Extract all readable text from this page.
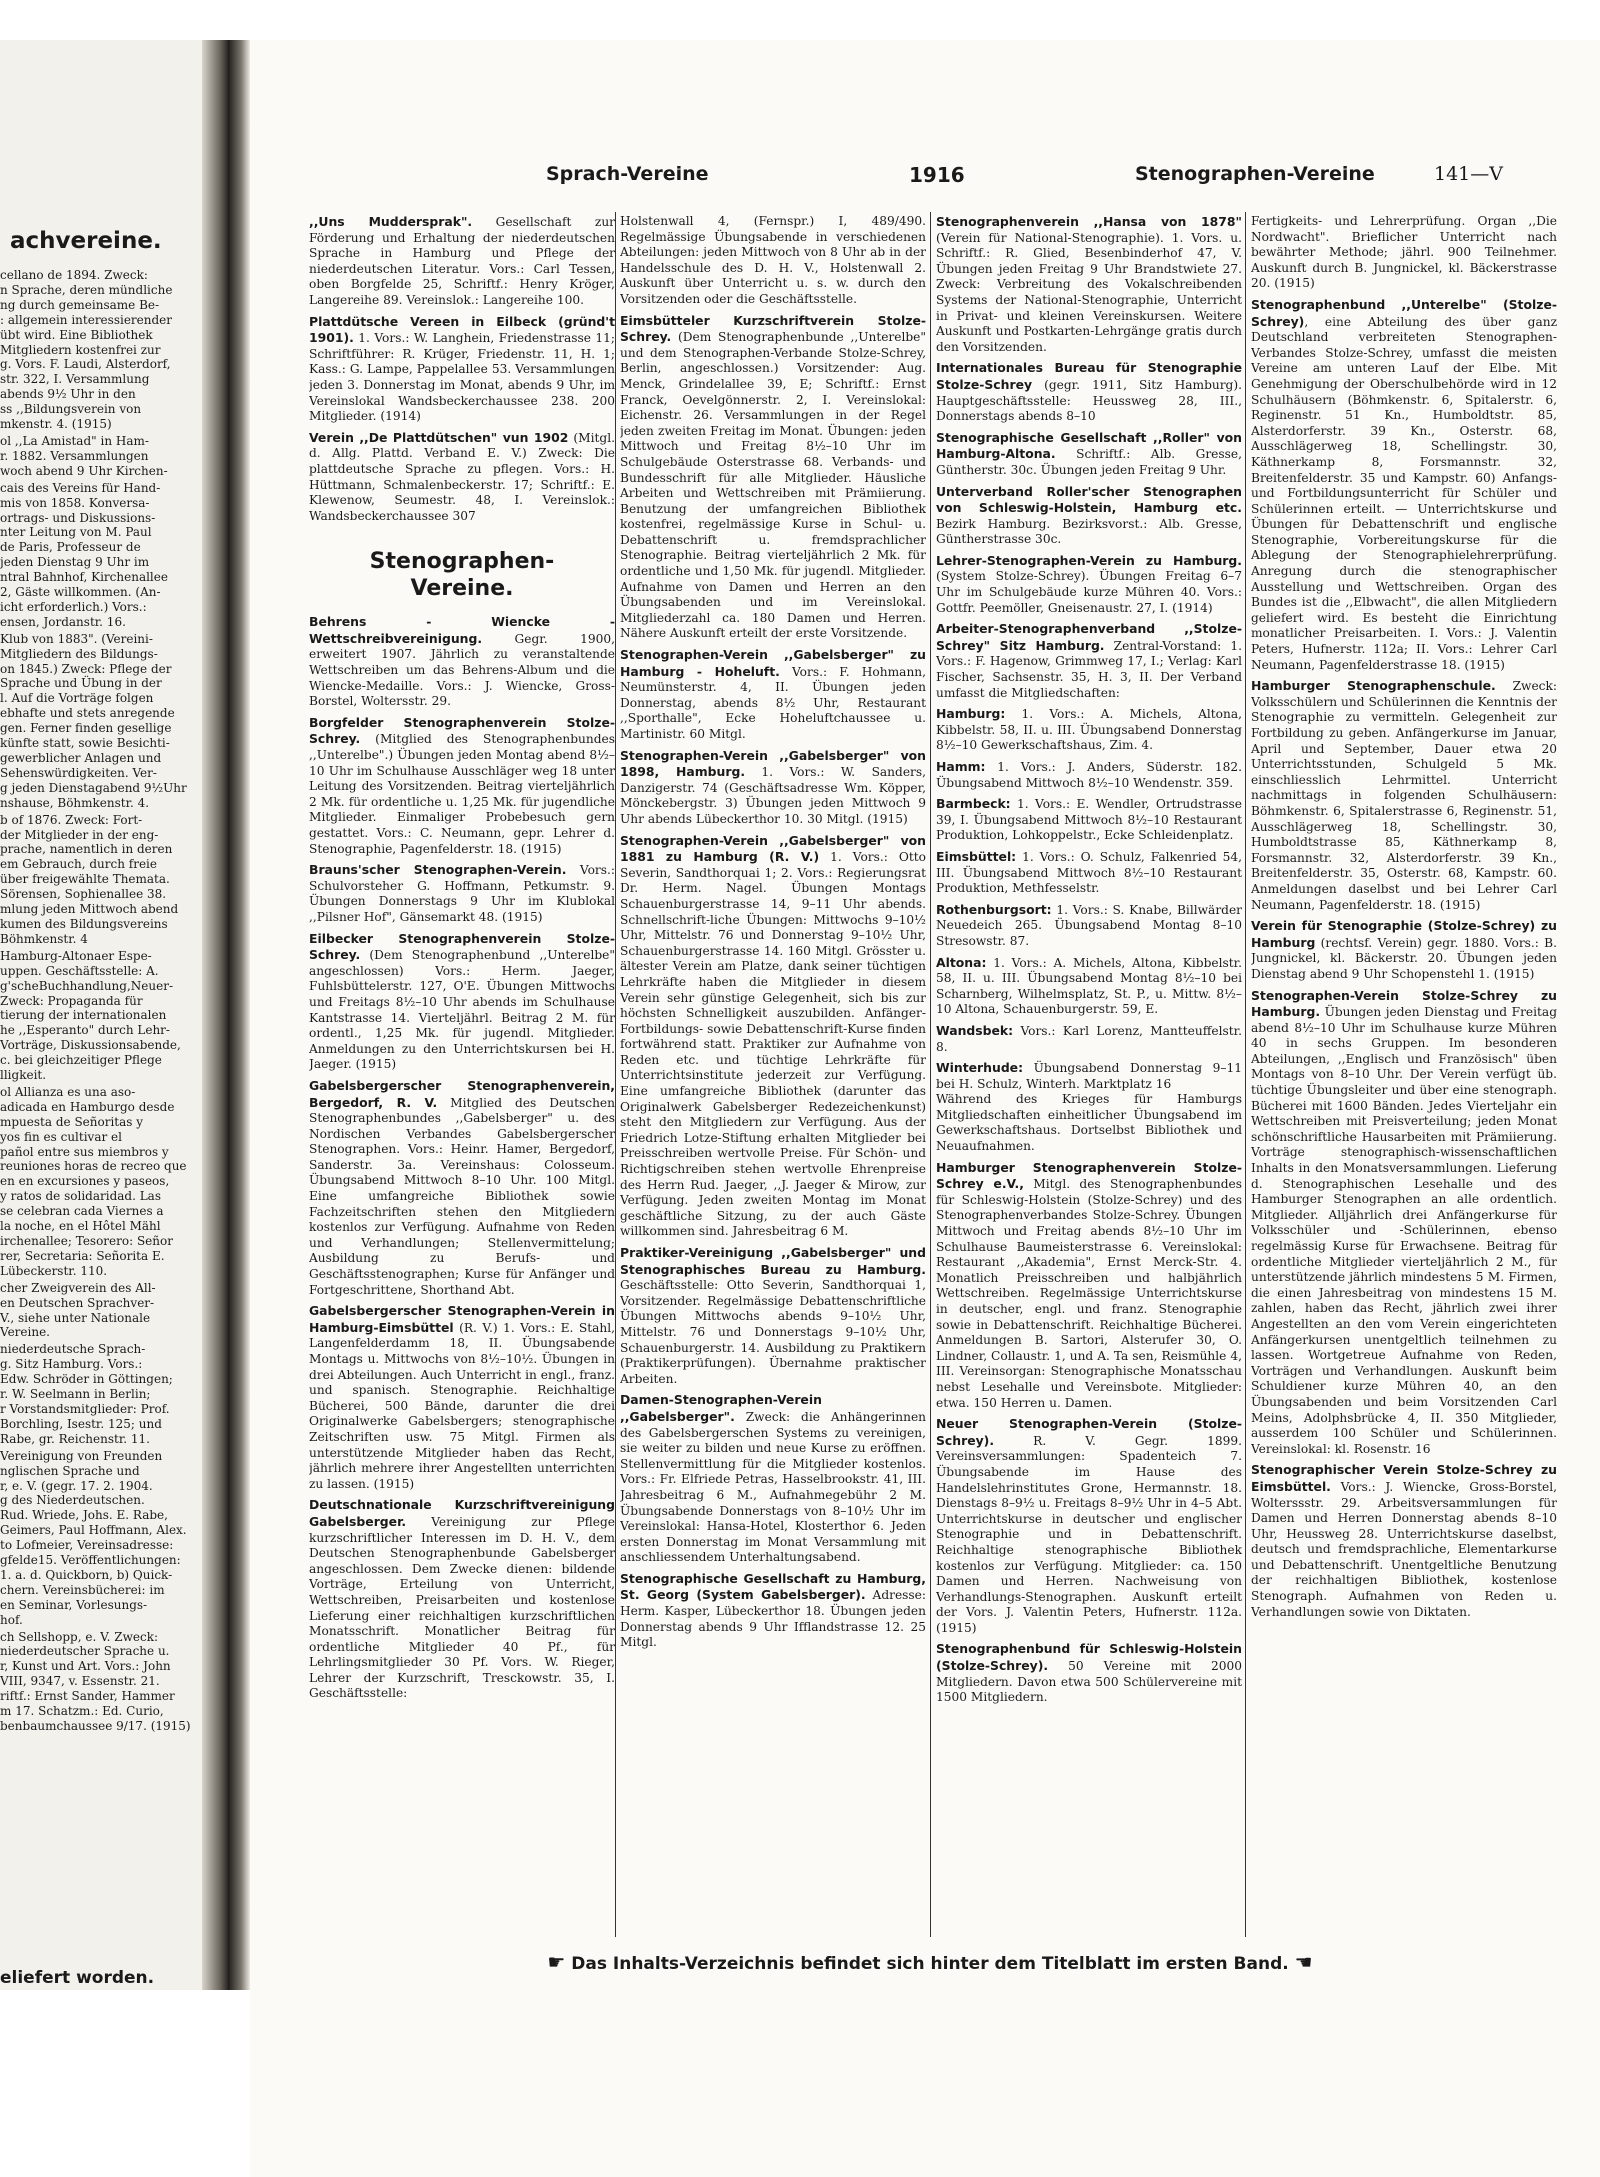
achvereine.
cellano de 1894. Zweck:
n Sprache, deren mündliche
ng durch gemeinsame Be-
: allgemein interessierender
übt wird. Eine Bibliothek
Mitgliedern kostenfrei zur
g. Vors. F. Laudi, Alsterdorf,
str. 322, I. Versammlung
abends 9½ Uhr in den
ss ,,Bildungsverein von
mkenstr. 4. (1915)
ol ,,La Amistad" in Ham-
r. 1882. Versammlungen
woch abend 9 Uhr Kirchen-
cais des Vereins für Hand-
mis von 1858. Konversa-
ortrags- und Diskussions-
nter Leitung von M. Paul
de Paris, Professeur de
jeden Dienstag 9 Uhr im
ntral Bahnhof, Kirchenallee
2, Gäste willkommen. (An-
icht erforderlich.) Vors.:
ensen, Jordanstr. 16.
Klub von 1883". (Vereini-
Mitgliedern des Bildungs-
on 1845.) Zweck: Pflege der
Sprache und Übung in der
l. Auf die Vorträge folgen
ebhafte und stets anregende
gen. Ferner finden gesellige
künfte statt, sowie Besichti-
gewerblicher Anlagen und
Sehenswürdigkeiten. Ver-
g jeden Dienstagabend 9½Uhr
nshause, Böhmkenstr. 4.
b of 1876. Zweck: Fort-
der Mitglieder in der eng-
prache, namentlich in deren
em Gebrauch, durch freie
über freigewählte Themata.
Sörensen, Sophienallee 38.
mlung jeden Mittwoch abend
kumen des Bildungsvereins
Böhmkenstr. 4
Hamburg-Altonaer Espe-
uppen. Geschäftsstelle: A.
g'scheBuchhandlung,Neuer-
Zweck: Propaganda für
tierung der internationalen
he ,,Esperanto" durch Lehr-
Vorträge, Diskussionsabende,
c. bei gleichzeitiger Pflege
lligkeit.
ol Allianza es una aso-
adicada en Hamburgo desde
mpuesta de Señoritas y
yos fin es cultivar el
pañol entre sus miembros y
reuniones horas de recreo que
en en excursiones y paseos,
y ratos de solidaridad. Las
se celebran cada Viernes a
la noche, en el Hôtel Mähl
irchenallee; Tesorero: Señor
rer, Secretaria: Señorita E.
Lübeckerstr. 110.
cher Zweigverein des All-
en Deutschen Sprachver-
V., siehe unter Nationale
Vereine.
niederdeutsche Sprach-
g. Sitz Hamburg. Vors.:
Edw. Schröder in Göttingen;
r. W. Seelmann in Berlin;
r Vorstandsmitglieder: Prof.
Borchling, Isestr. 125; und
Rabe, gr. Reichenstr. 11.
Vereinigung von Freunden
nglischen Sprache und
r, e. V. (gegr. 17. 2. 1904.
g des Niederdeutschen.
Rud. Wriede, Johs. E. Rabe,
Geimers, Paul Hoffmann, Alex.
to Lofmeier, Vereinsadresse:
gfelde15. Veröffentlichungen:
1. a. d. Quickborn, b) Quick-
chern. Vereinsbücherei: im
en Seminar, Vorlesungs-
hof.
ch Sellshopp, e. V. Zweck:
niederdeutscher Sprache u.
r, Kunst und Art. Vors.: John
VIII, 9347, v. Essenstr. 21.
riftf.: Ernst Sander, Hammer
m 17. Schatzm.: Ed. Curio,
benbaumchaussee 9/17. (1915)
eliefert worden.
Sprach-Vereine	1916	Stenographen-Vereine	141—V
,,Uns Muddersprak". Gesellschaft zur Förderung und Erhaltung der niederdeutschen Sprache in Hamburg und Pflege der niederdeutschen Literatur. Vors.: Carl Tessen, oben Borgfelde 25, Schriftf.: Henry Kröger, Langereihe 89. Vereinslok.: Langereihe 100.
Plattdütsche Vereen in Eilbeck (gründ't 1901). 1. Vors.: W. Langhein, Friedenstrasse 11; Schriftführer: R. Krüger, Friedenstr. 11, H. 1; Kass.: G. Lampe, Pappelallee 53. Versammlungen jeden 3. Donnerstag im Monat, abends 9 Uhr, im Vereinslokal Wandsbeckerchaussee 238. 200 Mitglieder. (1914)
Verein ,,De Plattdütschen" vun 1902 (Mitgl. d. Allg. Plattd. Verband E. V.) Zweck: Die plattdeutsche Sprache zu pflegen. Vors.: H. Hüttmann, Schmalenbeckerstr. 17; Schriftf.: E. Klewenow, Seumestr. 48, I. Vereinslok.: Wandsbeckerchaussee 307
Stenographen-
Vereine.
Behrens - Wiencke - Wettschreibvereinigung. Gegr. 1900, erweitert 1907. Jährlich zu veranstaltende Wettschreiben um das Behrens-Album und die Wiencke-Medaille. Vors.: J. Wiencke, Gross-Borstel, Woltersstr. 29.
Borgfelder Stenographenverein Stolze-Schrey. (Mitglied des Stenographenbundes ,,Unterelbe".) Übungen jeden Montag abend 8½–10 Uhr im Schulhause Ausschläger weg 18 unter Leitung des Vorsitzenden. Beitrag vierteljährlich 2 Mk. für ordentliche u. 1,25 Mk. für jugendliche Mitglieder. Einmaliger Probebesuch gern gestattet. Vors.: C. Neumann, gepr. Lehrer d. Stenographie, Pagenfelderstr. 18. (1915)
Brauns'scher Stenographen-Verein. Vors.: Schulvorsteher G. Hoffmann, Petkumstr. 9. Übungen Donnerstags 9 Uhr im Klublokal ,,Pilsner Hof", Gänsemarkt 48. (1915)
Eilbecker Stenographenverein Stolze-Schrey. (Dem Stenographenbund ,,Unterelbe" angeschlossen) Vors.: Herm. Jaeger, Fuhlsbüttelerstr. 127, O'E. Übungen Mittwochs und Freitags 8½–10 Uhr abends im Schulhause Kantstrasse 14. Vierteljährl. Beitrag 2 M. für ordentl., 1,25 Mk. für jugendl. Mitglieder. Anmeldungen zu den Unterrichtskursen bei H. Jaeger. (1915)
Gabelsbergerscher Stenographenverein, Bergedorf, R. V. Mitglied des Deutschen Stenographenbundes ,,Gabelsberger" u. des Nordischen Verbandes Gabelsbergerscher Stenographen. Vors.: Heinr. Hamer, Bergedorf, Sanderstr. 3a. Vereinshaus: Colosseum. Übungsabend Mittwoch 8–10 Uhr. 100 Mitgl. Eine umfangreiche Bibliothek sowie Fachzeitschriften stehen den Mitgliedern kostenlos zur Verfügung. Aufnahme von Reden und Verhandlungen; Stellenvermittelung; Ausbildung zu Berufs- und Geschäftsstenographen; Kurse für Anfänger und Fortgeschrittene, Shorthand Abt.
Gabelsbergerscher Stenographen-Verein in Hamburg-Eimsbüttel (R. V.) 1. Vors.: E. Stahl, Langenfelderdamm 18, II. Übungsabende Montags u. Mittwochs von 8½–10½. Übungen in drei Abteilungen. Auch Unterricht in engl., franz. und spanisch. Stenographie. Reichhaltige Bücherei, 500 Bände, darunter die drei Originalwerke Gabelsbergers; stenographische Zeitschriften usw. 75 Mitgl. Firmen als unterstützende Mitglieder haben das Recht, jährlich mehrere ihrer Angestellten unterrichten zu lassen. (1915)
Deutschnationale Kurzschriftvereinigung Gabelsberger. Vereinigung zur Pflege kurzschriftlicher Interessen im D. H. V., dem Deutschen Stenographenbunde Gabelsberger angeschlossen. Dem Zwecke dienen: bildende Vorträge, Erteilung von Unterricht, Wettschreiben, Preisarbeiten und kostenlose Lieferung einer reichhaltigen kurzschriftlichen Monatsschrift. Monatlicher Beitrag für ordentliche Mitglieder 40 Pf., für Lehrlingsmitglieder 30 Pf. Vors. W. Rieger, Lehrer der Kurzschrift, Tresckowstr. 35, I. Geschäftsstelle:
Holstenwall 4, (Fernspr.) I, 489/490. Regelmässige Übungsabende in verschiedenen Abteilungen: jeden Mittwoch von 8 Uhr ab in der Handelsschule des D. H. V., Holstenwall 2. Auskunft über Unterricht u. s. w. durch den Vorsitzenden oder die Geschäftsstelle.
Eimsbütteler Kurzschriftverein Stolze-Schrey. (Dem Stenographenbunde ,,Unterelbe" und dem Stenographen-Verbande Stolze-Schrey, Berlin, angeschlossen.) Vorsitzender: Aug. Menck, Grindelallee 39, E; Schriftf.: Ernst Franck, Oevelgönnerstr. 2, I. Vereinslokal: Eichenstr. 26. Versammlungen in der Regel jeden zweiten Freitag im Monat. Übungen: jeden Mittwoch und Freitag 8½–10 Uhr im Schulgebäude Osterstrasse 68. Verbands- und Bundesschrift für alle Mitglieder. Häusliche Arbeiten und Wettschreiben mit Prämiierung. Benutzung der umfangreichen Bibliothek kostenfrei, regelmässige Kurse in Schul- u. Debattenschrift u. fremdsprachlicher Stenographie. Beitrag vierteljährlich 2 Mk. für ordentliche und 1,50 Mk. für jugendl. Mitglieder. Aufnahme von Damen und Herren an den Übungsabenden und im Vereinslokal. Mitgliederzahl ca. 180 Damen und Herren. Nähere Auskunft erteilt der erste Vorsitzende.
Stenographen-Verein ,,Gabelsberger" zu Hamburg - Hoheluft. Vors.: F. Hohmann, Neumünsterstr. 4, II. Übungen jeden Donnerstag, abends 8½ Uhr, Restaurant ,,Sporthalle", Ecke Hoheluftchaussee u. Martinistr. 60 Mitgl.
Stenographen-Verein ,,Gabelsberger" von 1898, Hamburg. 1. Vors.: W. Sanders, Danzigerstr. 74 (Geschäftsadresse Wm. Köpper, Mönckebergstr. 3) Übungen jeden Mittwoch 9 Uhr abends Lübeckerthor 10. 30 Mitgl. (1915)
Stenographen-Verein ,,Gabelsberger" von 1881 zu Hamburg (R. V.) 1. Vors.: Otto Severin, Sandthorquai 1; 2. Vors.: Regierungsrat Dr. Herm. Nagel. Übungen Montags Schauenburgerstrasse 14, 9–11 Uhr abends. Schnellschrift-liche Übungen: Mittwochs 9–10½ Uhr, Mittelstr. 76 und Donnerstag 9–10½ Uhr, Schauenburgerstrasse 14. 160 Mitgl. Grösster u. ältester Verein am Platze, dank seiner tüchtigen Lehrkräfte haben die Mitglieder in diesem Verein sehr günstige Gelegenheit, sich bis zur höchsten Schnelligkeit auszubilden. Anfänger-Fortbildungs- sowie Debattenschrift-Kurse finden fortwährend statt. Praktiker zur Aufnahme von Reden etc. und tüchtige Lehrkräfte für Unterrichtsinstitute jederzeit zur Verfügung. Eine umfangreiche Bibliothek (darunter das Originalwerk Gabelsberger Redezeichenkunst) steht den Mitgliedern zur Verfügung. Aus der Friedrich Lotze-Stiftung erhalten Mitglieder bei Preisschreiben wertvolle Preise. Für Schön- und Richtigschreiben stehen wertvolle Ehrenpreise des Herrn Rud. Jaeger, ,,J. Jaeger & Mirow, zur Verfügung. Jeden zweiten Montag im Monat geschäftliche Sitzung, zu der auch Gäste willkommen sind. Jahresbeitrag 6 M.
Praktiker-Vereinigung ,,Gabelsberger" und Stenographisches Bureau zu Hamburg. Geschäftsstelle: Otto Severin, Sandthorquai 1, Vorsitzender. Regelmässige Debattenschriftliche Übungen Mittwochs abends 9–10½ Uhr, Mittelstr. 76 und Donnerstags 9–10½ Uhr, Schauenburgerstr. 14. Ausbildung zu Praktikern (Praktikerprüfungen). Übernahme praktischer Arbeiten.
Damen-Stenographen-Verein ,,Gabelsberger". Zweck: die Anhängerinnen des Gabelsbergerschen Systems zu vereinigen, sie weiter zu bilden und neue Kurse zu eröffnen. Stellenvermittlung für die Mitglieder kostenlos. Vors.: Fr. Elfriede Petras, Hasselbrookstr. 41, III. Jahresbeitrag 6 M., Aufnahmegebühr 2 M. Übungsabende Donnerstags von 8–10½ Uhr im Vereinslokal: Hansa-Hotel, Klosterthor 6. Jeden ersten Donnerstag im Monat Versammlung mit anschliessendem Unterhaltungsabend.
Stenographische Gesellschaft zu Hamburg, St. Georg (System Gabelsberger). Adresse: Herm. Kasper, Lübeckerthor 18. Übungen jeden Donnerstag abends 9 Uhr Ifflandstrasse 12. 25 Mitgl.
Stenographenverein ,,Hansa von 1878" (Verein für National-Stenographie). 1. Vors. u. Schriftf.: R. Glied, Besenbinderhof 47, V. Übungen jeden Freitag 9 Uhr Brandstwiete 27. Zweck: Verbreitung des Vokalschreibenden Systems der National-Stenographie, Unterricht in Privat- und kleinen Vereinskursen. Weitere Auskunft und Postkarten-Lehrgänge gratis durch den Vorsitzenden.
Internationales Bureau für Stenographie Stolze-Schrey (gegr. 1911, Sitz Hamburg). Hauptgeschäftsstelle: Heussweg 28, III., Donnerstags abends 8–10
Stenographische Gesellschaft ,,Roller" von Hamburg-Altona. Schriftf.: Alb. Gresse, Güntherstr. 30c. Übungen jeden Freitag 9 Uhr.
Unterverband Roller'scher Stenographen von Schleswig-Holstein, Hamburg etc. Bezirk Hamburg. Bezirksvorst.: Alb. Gresse, Güntherstrasse 30c.
Lehrer-Stenographen-Verein zu Hamburg. (System Stolze-Schrey). Übungen Freitag 6–7 Uhr im Schulgebäude kurze Mühren 40. Vors.: Gottfr. Peemöller, Gneisenaustr. 27, I. (1914)
Arbeiter-Stenographenverband ,,Stolze-Schrey" Sitz Hamburg. Zentral-Vorstand: 1. Vors.: F. Hagenow, Grimmweg 17, I.; Verlag: Karl Fischer, Sachsenstr. 35, H. 3, II. Der Verband umfasst die Mitgliedschaften:
Hamburg: 1. Vors.: A. Michels, Altona, Kibbelstr. 58, II. u. III. Übungsabend Donnerstag 8½–10 Gewerkschaftshaus, Zim. 4.
Hamm: 1. Vors.: J. Anders, Süderstr. 182. Übungsabend Mittwoch 8½–10 Wendenstr. 359.
Barmbeck: 1. Vors.: E. Wendler, Ortrudstrasse 39, I. Übungsabend Mittwoch 8½–10 Restaurant Produktion, Lohkoppelstr., Ecke Schleidenplatz.
Eimsbüttel: 1. Vors.: O. Schulz, Falkenried 54, III. Übungsabend Mittwoch 8½–10 Restaurant Produktion, Methfesselstr.
Rothenburgsort: 1. Vors.: S. Knabe, Billwärder Neuedeich 265. Übungsabend Montag 8–10 Stresowstr. 87.
Altona: 1. Vors.: A. Michels, Altona, Kibbelstr. 58, II. u. III. Übungsabend Montag 8½–10 bei Scharnberg, Wilhelmsplatz, St. P., u. Mittw. 8½–10 Altona, Schauenburgerstr. 59, E.
Wandsbek: Vors.: Karl Lorenz, Mantteuffelstr. 8.
Winterhude: Übungsabend Donnerstag 9–11 bei H. Schulz, Winterh. Marktplatz 16
Während des Krieges für Hamburgs Mitgliedschaften einheitlicher Übungsabend im Gewerkschaftshaus. Dortselbst Bibliothek und Neuaufnahmen.
Hamburger Stenographenverein Stolze-Schrey e.V., Mitgl. des Stenographenbundes für Schleswig-Holstein (Stolze-Schrey) und des Stenographenverbandes Stolze-Schrey. Übungen Mittwoch und Freitag abends 8½–10 Uhr im Schulhause Baumeisterstrasse 6. Vereinslokal: Restaurant ,,Akademia", Ernst Merck-Str. 4. Monatlich Preisschreiben und halbjährlich Wettschreiben. Regelmässige Unterrichtskurse in deutscher, engl. und franz. Stenographie sowie in Debattenschrift. Reichhaltige Bücherei. Anmeldungen B. Sartori, Alsterufer 30, O. Lindner, Collaustr. 1, und A. Ta sen, Reismühle 4, III. Vereinsorgan: Stenographische Monatsschau nebst Lesehalle und Vereinsbote. Mitglieder: etwa. 150 Herren u. Damen.
Neuer Stenographen-Verein (Stolze-Schrey). R. V. Gegr. 1899. Vereinsversammlungen: Spadenteich 7. Übungsabende im Hause des Handelslehrinstitutes Grone, Hermannstr. 18. Dienstags 8–9½ u. Freitags 8–9½ Uhr in 4–5 Abt. Unterrichtskurse in deutscher und englischer Stenographie und in Debattenschrift. Reichhaltige stenographische Bibliothek kostenlos zur Verfügung. Mitglieder: ca. 150 Damen und Herren. Nachweisung von Verhandlungs-Stenographen. Auskunft erteilt der Vors. J. Valentin Peters, Hufnerstr. 112a. (1915)
Stenographenbund für Schleswig-Holstein (Stolze-Schrey). 50 Vereine mit 2000 Mitgliedern. Davon etwa 500 Schülervereine mit 1500 Mitgliedern.
Fertigkeits- und Lehrerprüfung. Organ ,,Die Nordwacht". Brieflicher Unterricht nach bewährter Methode; jährl. 900 Teilnehmer. Auskunft durch B. Jungnickel, kl. Bäckerstrasse 20. (1915)
Stenographenbund ,,Unterelbe" (Stolze-Schrey), eine Abteilung des über ganz Deutschland verbreiteten Stenographen-Verbandes Stolze-Schrey, umfasst die meisten Vereine am unteren Lauf der Elbe. Mit Genehmigung der Oberschulbehörde wird in 12 Schulhäusern (Böhmkenstr. 6, Spitalerstr. 6, Reginenstr. 51 Kn., Humboldtstr. 85, Alsterdorferstr. 39 Kn., Osterstr. 68, Ausschlägerweg 18, Schellingstr. 30, Käthnerkamp 8, Forsmannstr. 32, Breitenfelderstr. 35 und Kampstr. 60) Anfangs- und Fortbildungsunterricht für Schüler und Schülerinnen erteilt. — Unterrichtskurse und Übungen für Debattenschrift und englische Stenographie, Vorbereitungskurse für die Ablegung der Stenographielehrerprüfung. Anregung durch die stenographischer Ausstellung und Wettschreiben. Organ des Bundes ist die ,,Elbwacht", die allen Mitgliedern geliefert wird. Es besteht die Einrichtung monatlicher Preisarbeiten. I. Vors.: J. Valentin Peters, Hufnerstr. 112a; II. Vors.: Lehrer Carl Neumann, Pagenfelderstrasse 18. (1915)
Hamburger Stenographenschule. Zweck: Volksschülern und Schülerinnen die Kenntnis der Stenographie zu vermitteln. Gelegenheit zur Fortbildung zu geben. Anfängerkurse im Januar, April und September, Dauer etwa 20 Unterrichtsstunden, Schulgeld 5 Mk. einschliesslich Lehrmittel. Unterricht nachmittags in folgenden Schulhäusern: Böhmkenstr. 6, Spitalerstrasse 6, Reginenstr. 51, Ausschlägerweg 18, Schellingstr. 30, Humboldtstrasse 85, Käthnerkamp 8, Forsmannstr. 32, Alsterdorferstr. 39 Kn., Breitenfelderstr. 35, Osterstr. 68, Kampstr. 60. Anmeldungen daselbst und bei Lehrer Carl Neumann, Pagenfelderstr. 18. (1915)
Verein für Stenographie (Stolze-Schrey) zu Hamburg (rechtsf. Verein) gegr. 1880. Vors.: B. Jungnickel, kl. Bäckerstr. 20. Übungen jeden Dienstag abend 9 Uhr Schopenstehl 1. (1915)
Stenographen-Verein Stolze-Schrey zu Hamburg. Übungen jeden Dienstag und Freitag abend 8½–10 Uhr im Schulhause kurze Mühren 40 in sechs Gruppen. Im besonderen Abteilungen, ,,Englisch und Französisch" üben Montags von 8–10 Uhr. Der Verein verfügt üb. tüchtige Übungsleiter und über eine stenograph. Bücherei mit 1600 Bänden. Jedes Vierteljahr ein Wettschreiben mit Preisverteilung; jeden Monat schönschriftliche Hausarbeiten mit Prämiierung. Vorträge stenographisch-wissenschaftlichen Inhalts in den Monatsversammlungen. Lieferung d. Stenographischen Lesehalle und des Hamburger Stenographen an alle ordentlich. Mitglieder. Alljährlich drei Anfängerkurse für Volksschüler und -Schülerinnen, ebenso regelmässig Kurse für Erwachsene. Beitrag für ordentliche Mitglieder vierteljährlich 2 M., für unterstützende jährlich mindestens 5 M. Firmen, die einen Jahresbeitrag von mindestens 15 M. zahlen, haben das Recht, jährlich zwei ihrer Angestellten an den vom Verein eingerichteten Anfängerkursen unentgeltlich teilnehmen zu lassen. Wortgetreue Aufnahme von Reden, Vorträgen und Verhandlungen. Auskunft beim Schuldiener kurze Mühren 40, an den Übungsabenden und beim Vorsitzenden Carl Meins, Adolphsbrücke 4, II. 350 Mitglieder, ausserdem 100 Schüler und Schülerinnen. Vereinslokal: kl. Rosenstr. 16
Stenographischer Verein Stolze-Schrey zu Eimsbüttel. Vors.: J. Wiencke, Gross-Borstel, Wolterssstr. 29. Arbeitsversammlungen für Damen und Herren Donnerstag abends 8–10 Uhr, Heussweg 28. Unterrichtskurse daselbst, deutsch und fremdsprachliche, Elementarkurse und Debattenschrift. Unentgeltliche Benutzung der reichhaltigen Bibliothek, kostenlose Stenograph. Aufnahmen von Reden u. Verhandlungen sowie von Diktaten.
☛ Das Inhalts-Verzeichnis befindet sich hinter dem Titelblatt im ersten Band. ☚
